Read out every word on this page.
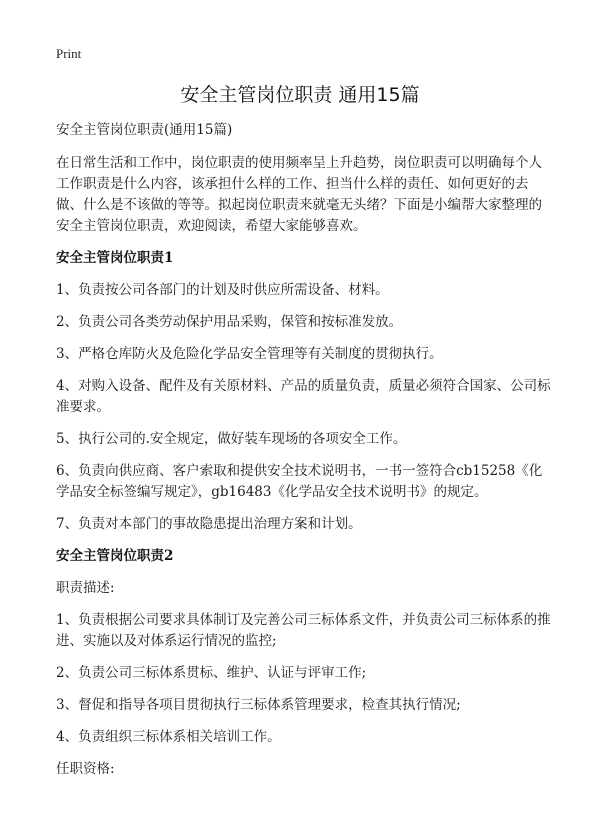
Print
安全主管岗位职责 通用15篇

安全主管岗位职责(通用15篇)

在日常生活和工作中，岗位职责的使用频率呈上升趋势，岗位职责可以明确每个人工作职责是什么内容，该承担什么样的工作、担当什么样的责任、如何更好的去做、什么是不该做的等等。拟起岗位职责来就毫无头绪？下面是小编帮大家整理的安全主管岗位职责，欢迎阅读，希望大家能够喜欢。

安全主管岗位职责1

1、负责按公司各部门的计划及时供应所需设备、材料。

2、负责公司各类劳动保护用品采购，保管和按标准发放。

3、严格仓库防火及危险化学品安全管理等有关制度的贯彻执行。

4、对购入设备、配件及有关原材料、产品的质量负责，质量必须符合国家、公司标准要求。

5、执行公司的.安全规定，做好装车现场的各项安全工作。

6、负责向供应商、客户索取和提供安全技术说明书，一书一签符合cb15258《化学品安全标签编写规定》，gb16483《化学品安全技术说明书》的规定。

7、负责对本部门的事故隐患提出治理方案和计划。

安全主管岗位职责2

职责描述:

1、负责根据公司要求具体制订及完善公司三标体系文件，并负责公司三标体系的推进、实施以及对体系运行情况的监控;

2、负责公司三标体系贯标、维护、认证与评审工作;

3、督促和指导各项目贯彻执行三标体系管理要求，检查其执行情况;

4、负责组织三标体系相关培训工作。

任职资格:
